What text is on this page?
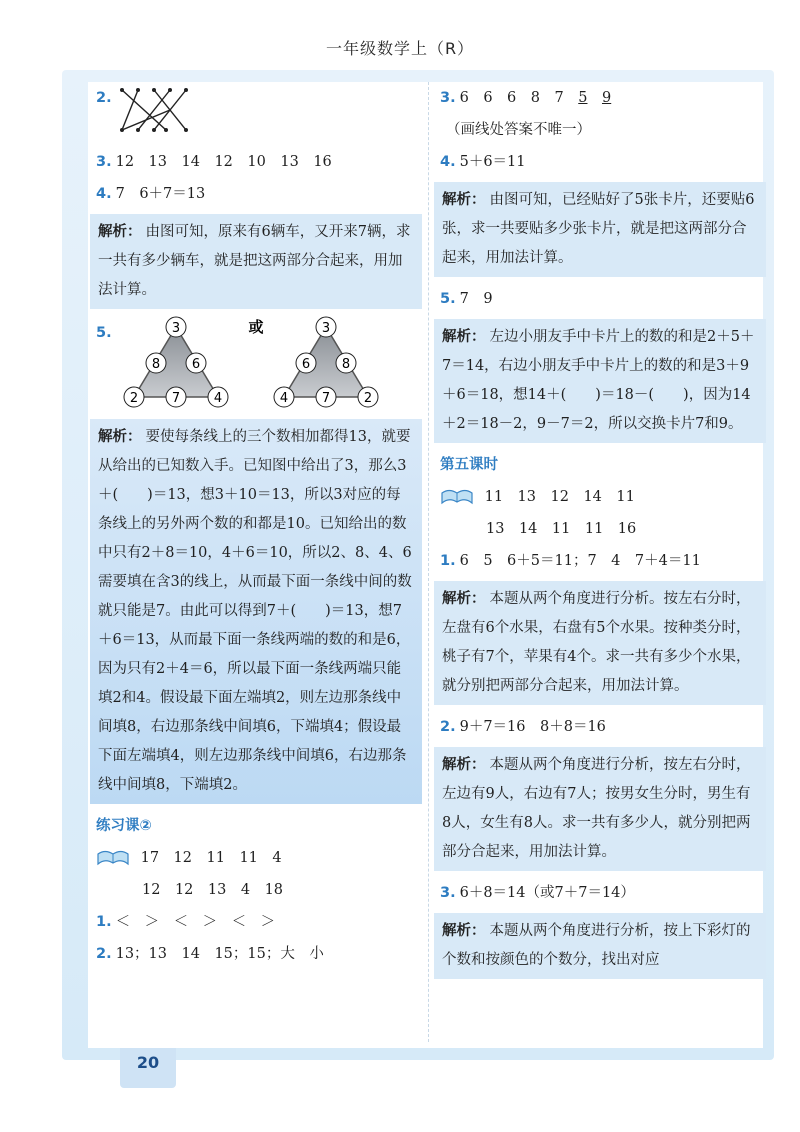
一年级数学上（R）
2.
3. 12　13　14　12　10　13　16
4. 7　6＋7＝13
解析： 由图可知，原来有6辆车，又开来7辆，求一共有多少辆车，就是把这两部分合起来，用加法计算。
5.	3
8 6
2	7	4
或	3
6 8
4	7	2
解析： 要使每条线上的三个数相加都得13，就要从给出的已知数入手。已知图中给出了3，那么3＋(　　)＝13，想3＋10＝13，所以3对应的每条线上的另外两个数的和都是10。已知给出的数中只有2＋8＝10，4＋6＝10，所以2、8、4、6需要填在含3的线上，从而最下面一条线中间的数就只能是7。由此可以得到7＋(　　)＝13，想7＋6＝13，从而最下面一条线两端的数的和是6，因为只有2＋4＝6，所以最下面一条线两端只能填2和4。假设最下面左端填2，则左边那条线中间填8，右边那条线中间填6，下端填4；假设最下面左端填4，则左边那条线中间填6，右边那条线中间填8，下端填2。
练习课②
17　12　11　11　4
12　12　13　4　18
1. ＜　＞　＜　＞　＜　＞
2. 13；13　14　15；15；大　小
3. 6　6　6　8　7　5　 9
（画线处答案不唯一）
4. 5＋6＝11
解析： 由图可知，已经贴好了5张卡片，还要贴6张，求一共要贴多少张卡片，就是把这两部分合起来，用加法计算。
5. 7　9
解析： 左边小朋友手中卡片上的数的和是2＋5＋7＝14，右边小朋友手中卡片上的数的和是3＋9＋6＝18，想14＋(　　)＝18－(　　)，因为14＋2＝18－2，9－7＝2，所以交换卡片7和9。
第五课时
11　13　12　14　11
13　14　11　11　16
1. 6　5　6＋5＝11；7　4　7＋4＝11
解析： 本题从两个角度进行分析。按左右分时，左盘有6个水果，右盘有5个水果。按种类分时，桃子有7个，苹果有4个。求一共有多少个水果，就分别把两部分合起来，用加法计算。
2. 9＋7＝16　8＋8＝16
解析： 本题从两个角度进行分析，按左右分时，左边有9人，右边有7人；按男女生分时，男生有8人，女生有8人。求一共有多少人，就分别把两部分合起来，用加法计算。
3. 6＋8＝14（或7＋7＝14）
解析： 本题从两个角度进行分析，按上下彩灯的个数和按颜色的个数分，找出对应
20
